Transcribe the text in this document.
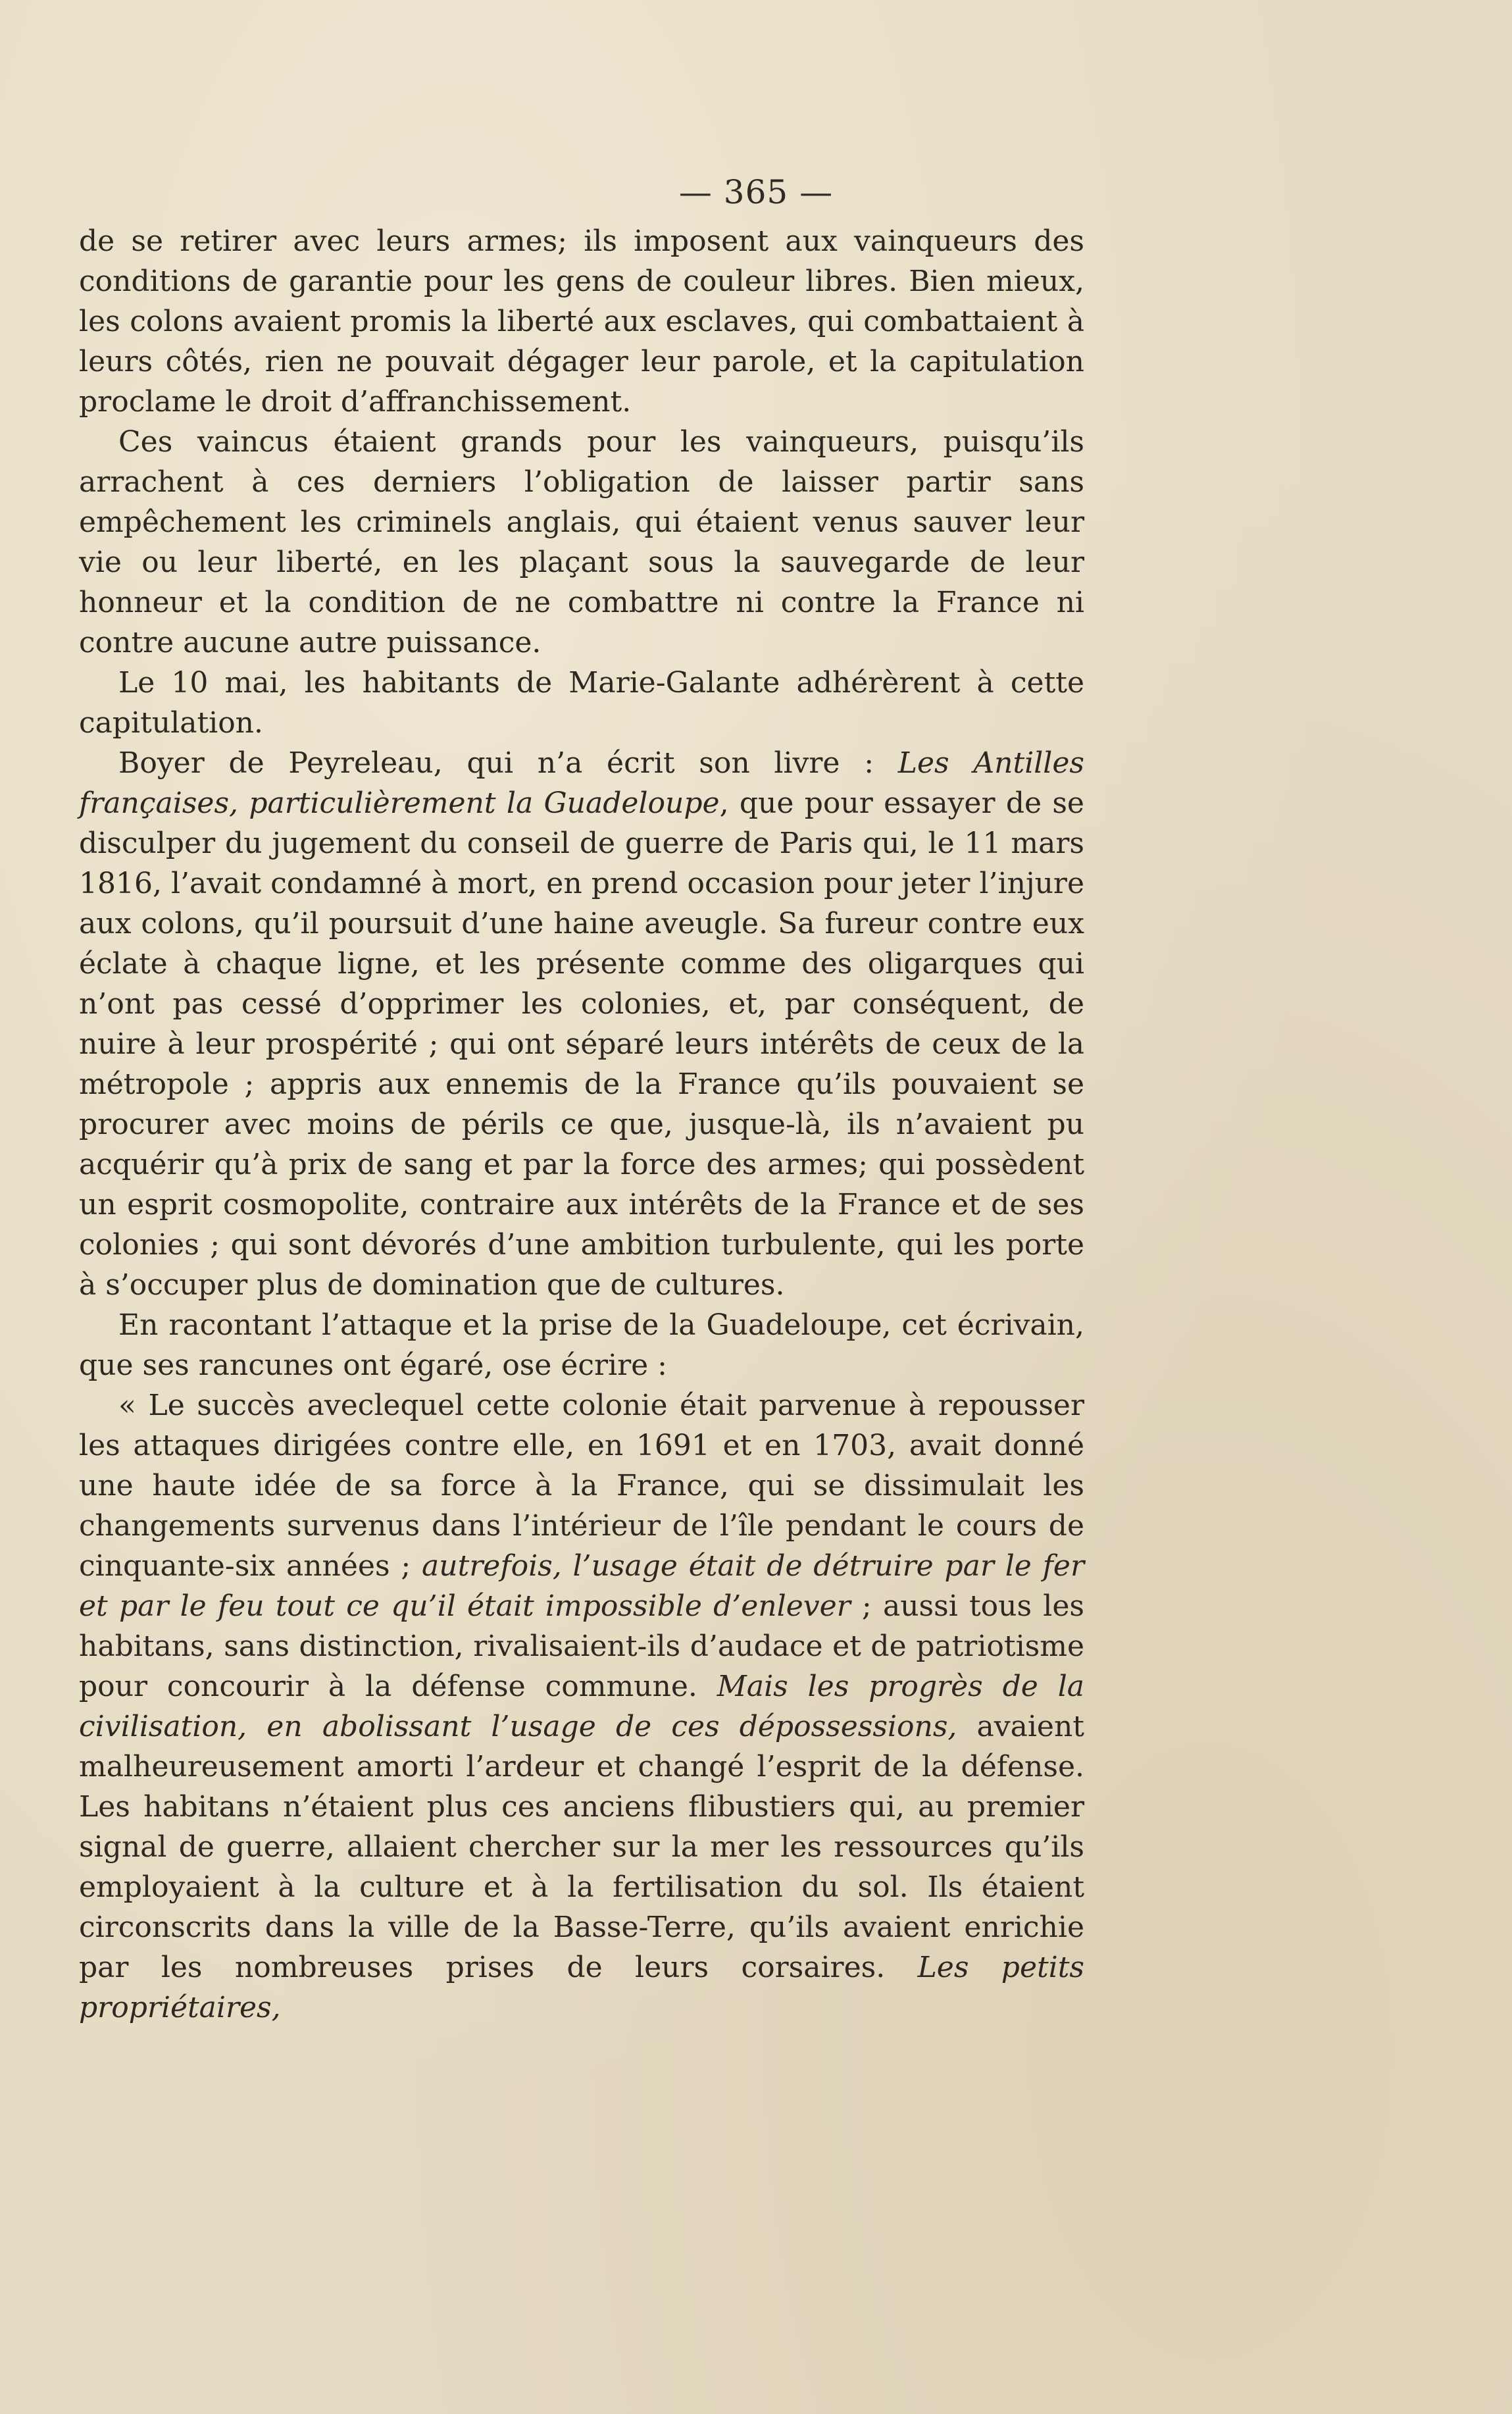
— 365 —

de se retirer avec leurs armes; ils imposent aux vainqueurs des conditions de garantie pour les gens de couleur libres. Bien mieux, les colons avaient promis la liberté aux esclaves, qui combattaient à leurs côtés, rien ne pouvait dégager leur parole, et la capitulation proclame le droit d’affranchissement.

Ces vaincus étaient grands pour les vainqueurs, puisqu’ils arrachent à ces derniers l’obligation de laisser partir sans empêchement les criminels anglais, qui étaient venus sauver leur vie ou leur liberté, en les plaçant sous la sauvegarde de leur honneur et la condition de ne combattre ni contre la France ni contre aucune autre puissance.

Le 10 mai, les habitants de Marie-Galante adhérèrent à cette capitulation.

Boyer de Peyreleau, qui n’a écrit son livre : Les Antilles françaises, particulièrement la Guadeloupe, que pour essayer de se disculper du jugement du conseil de guerre de Paris qui, le 11 mars 1816, l’avait condamné à mort, en prend occasion pour jeter l’injure aux colons, qu’il poursuit d’une haine aveugle. Sa fureur contre eux éclate à chaque ligne, et les présente comme des oligarques qui n’ont pas cessé d’opprimer les colonies, et, par conséquent, de nuire à leur prospérité ; qui ont séparé leurs intérêts de ceux de la métropole ; appris aux ennemis de la France qu’ils pouvaient se procurer avec moins de périls ce que, jusque-là, ils n’avaient pu acquérir qu’à prix de sang et par la force des armes; qui possèdent un esprit cosmopolite, contraire aux intérêts de la France et de ses colonies ; qui sont dévorés d’une ambition turbulente, qui les porte à s’occuper plus de domination que de cultures.

En racontant l’attaque et la prise de la Guadeloupe, cet écrivain, que ses rancunes ont égaré, ose écrire :

« Le succès aveclequel cette colonie était parvenue à repousser les attaques dirigées contre elle, en 1691 et en 1703, avait donné une haute idée de sa force à la France, qui se dissimulait les changements survenus dans l’intérieur de l’île pendant le cours de cinquante-six années ; autrefois, l’usage était de détruire par le fer et par le feu tout ce qu’il était impossible d’enlever ; aussi tous les habitans, sans distinction, rivalisaient-ils d’audace et de patriotisme pour concourir à la défense commune. Mais les progrès de la civilisation, en abolissant l’usage de ces dépossessions, avaient malheureusement amorti l’ardeur et changé l’esprit de la défense. Les habitans n’étaient plus ces anciens flibustiers qui, au premier signal de guerre, allaient chercher sur la mer les ressources qu’ils employaient à la culture et à la fertilisation du sol. Ils étaient circonscrits dans la ville de la Basse-Terre, qu’ils avaient enrichie par les nombreuses prises de leurs corsaires. Les petits propriétaires,
